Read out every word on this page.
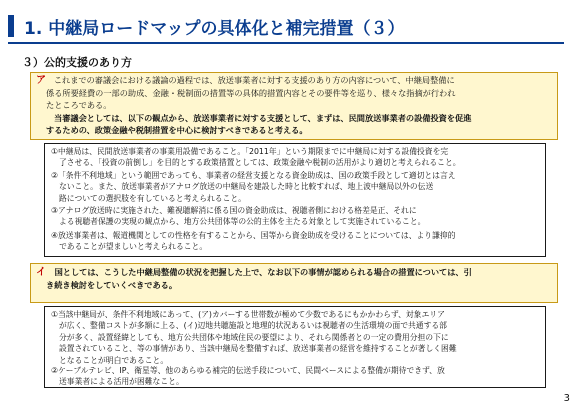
1. 中継局ロードマップの具体化と補完措置（３）
３）公的支援のあり方
ア これまでの審議会における議論の過程では、放送事業者に対する支援のあり方の内容について、中継局整備に
係る所要経費の一部の助成、金融・税制面の措置等の具体的措置内容とその要件等を巡り、様々な指摘が行われ
たところである。
当審議会としては、以下の観点から、放送事業者に対する支援として、まずは、民間放送事業者の設備投資を促進
するための、政策金融や税制措置を中心に検討すべきであると考える。
①中継局は、民間放送事業者の事業用設備であること。「2011年」という期限までに中継局に対する設備投資を完
了させる、「投資の前倒し」を目的とする政策措置としては、政策金融や税制の活用がより適切と考えられること。
②「条件不利地域」という範囲であっても、事業者の経営支援となる資金助成は、国の政策手段として適切とは言え
ないこと。また、放送事業者がアナログ放送の中継局を建設した時と比較すれば、地上波中継局以外の伝送
路についての選択肢を有していると考えられること。
③アナログ放送時に実施された、難視聴解消に係る国の資金助成は、視聴者側における格差是正、それに
よる視聴者保護の実現の観点から、地方公共団体等の公的主体を主たる対象として実施されていること。
④放送事業者は、報道機関としての性格を有することから、国等から資金助成を受けることについては、より謙抑的
であることが望ましいと考えられること。
イ 国としては、こうした中継局整備の状況を把握した上で、なお以下の事情が認められる場合の措置については、引
き続き検討をしていくべきである。
①当該中継局が、条件不利地域にあって、(ア)カバーする世帯数が極めて少数であるにもかかわらず、対象エリア
が広く、整備コストが多額に上る、(イ)辺地共聴施設と地理的状況あるいは視聴者の生活環境の面で共通する部
分が多く、設置経緯としても、地方公共団体や地域住民の要望により、それら関係者との一定の費用分担の下に
設置されていること、等の事情があり、当該中継局を整備すれば、放送事業者の経営を維持することが著しく困難
となることが明白であること。
②ケーブルテレビ、IP、衛星等、他のあらゆる補完的伝送手段について、民間ベースによる整備が期待できず、放
送事業者による活用が困難なこと。
3
